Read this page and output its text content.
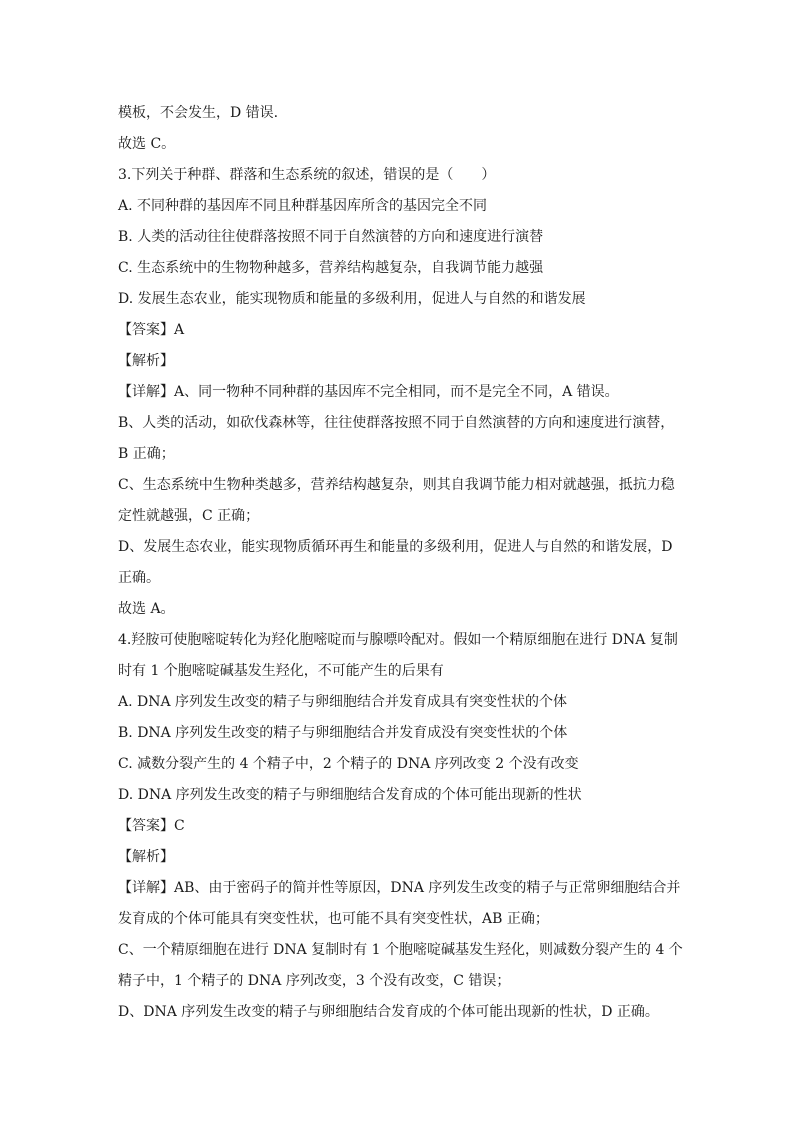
模板，不会发生，D 错误.
故选 C。
3.下列关于种群、群落和生态系统的叙述，错误的是（　　）
A. 不同种群的基因库不同且种群基因库所含的基因完全不同
B. 人类的活动往往使群落按照不同于自然演替的方向和速度进行演替
C. 生态系统中的生物物种越多，营养结构越复杂，自我调节能力越强
D. 发展生态农业，能实现物质和能量的多级利用，促进人与自然的和谐发展
【答案】A
【解析】
【详解】A、同一物种不同种群的基因库不完全相同，而不是完全不同，A 错误。
B、人类的活动，如砍伐森林等，往往使群落按照不同于自然演替的方向和速度进行演替，
B 正确；
C、生态系统中生物种类越多，营养结构越复杂，则其自我调节能力相对就越强，抵抗力稳
定性就越强，C 正确；
D、发展生态农业，能实现物质循环再生和能量的多级利用，促进人与自然的和谐发展，D
正确。
故选 A。
4.羟胺可使胞嘧啶转化为羟化胞嘧啶而与腺嘌呤配对。假如一个精原细胞在进行 DNA 复制
时有 1 个胞嘧啶碱基发生羟化，不可能产生的后果有
A. DNA 序列发生改变的精子与卵细胞结合并发育成具有突变性状的个体
B. DNA 序列发生改变的精子与卵细胞结合并发育成没有突变性状的个体
C. 减数分裂产生的 4 个精子中，2 个精子的 DNA 序列改变 2 个没有改变
D. DNA 序列发生改变的精子与卵细胞结合发育成的个体可能出现新的性状
【答案】C
【解析】
【详解】AB、由于密码子的简并性等原因，DNA 序列发生改变的精子与正常卵细胞结合并
发育成的个体可能具有突变性状，也可能不具有突变性状，AB 正确；
C、一个精原细胞在进行 DNA 复制时有 1 个胞嘧啶碱基发生羟化，则减数分裂产生的 4 个
精子中，1 个精子的 DNA 序列改变，3 个没有改变，C 错误；
D、DNA 序列发生改变的精子与卵细胞结合发育成的个体可能出现新的性状，D 正确。
